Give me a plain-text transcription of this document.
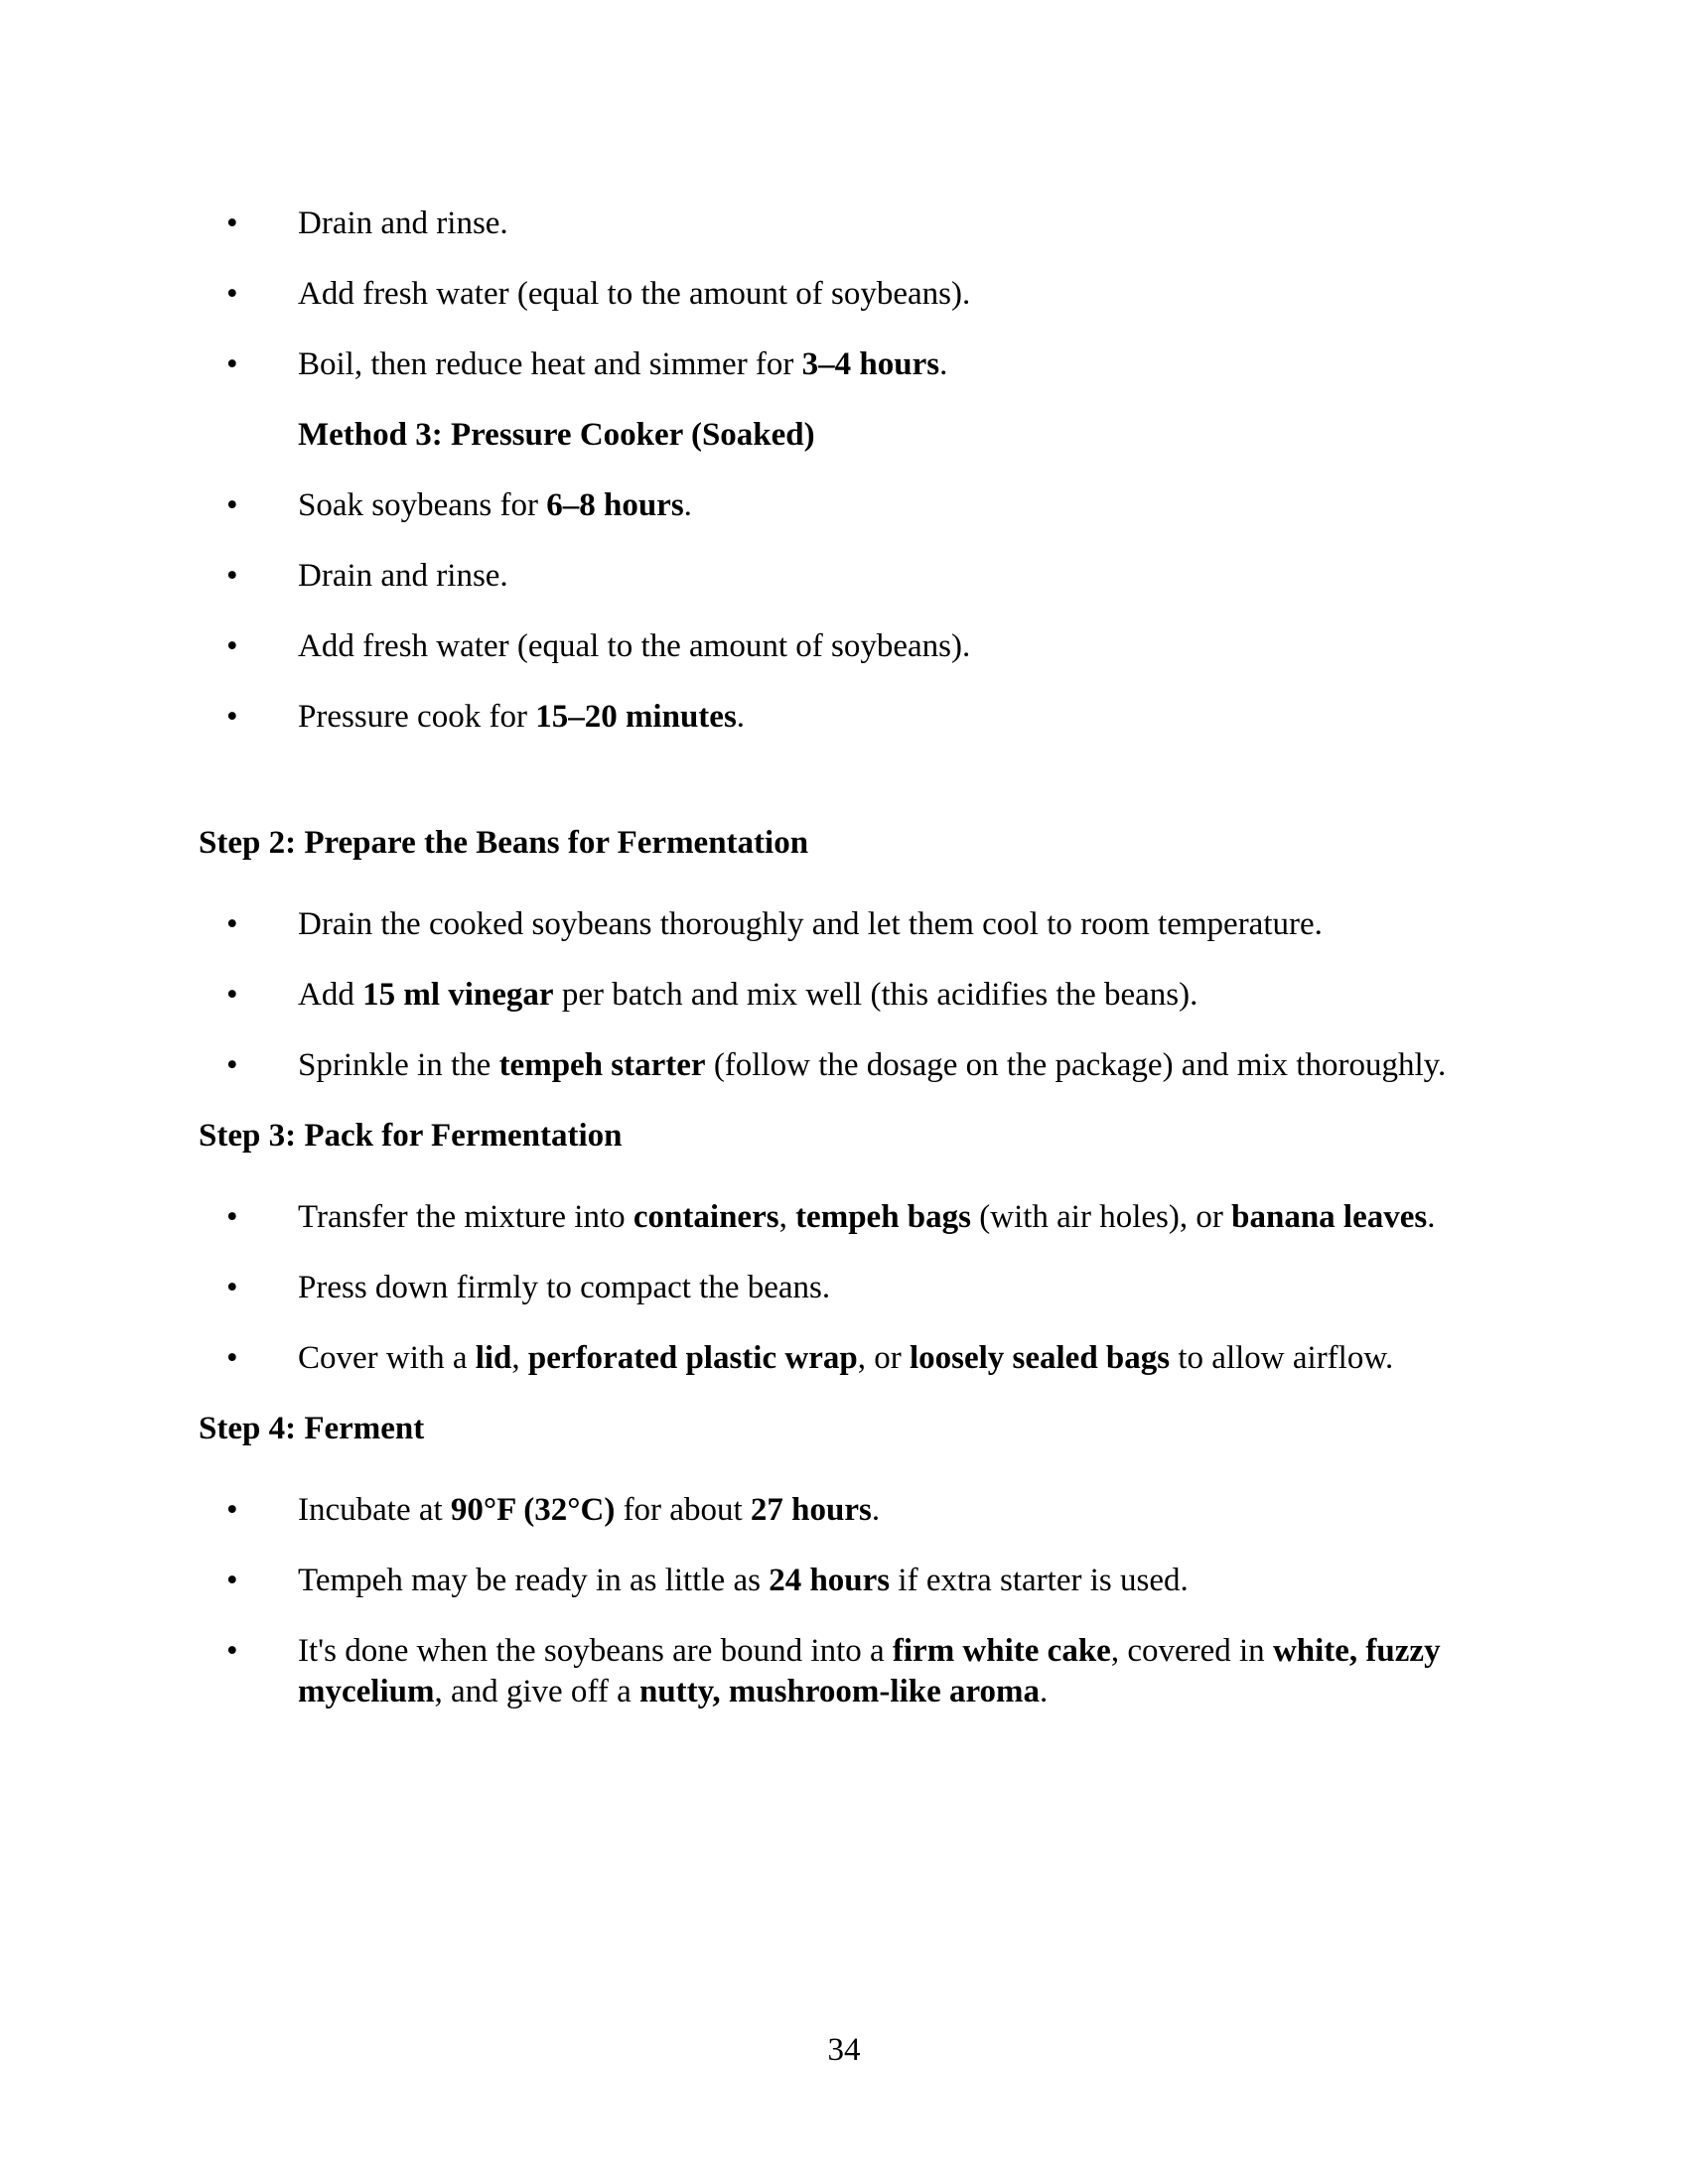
• Drain and rinse.
• Add fresh water (equal to the amount of soybeans).
• Boil, then reduce heat and simmer for 3–4 hours.
Method 3: Pressure Cooker (Soaked)
• Soak soybeans for 6–8 hours.
• Drain and rinse.
• Add fresh water (equal to the amount of soybeans).
• Pressure cook for 15–20 minutes.
Step 2: Prepare the Beans for Fermentation
• Drain the cooked soybeans thoroughly and let them cool to room temperature.
• Add 15 ml vinegar per batch and mix well (this acidifies the beans).
• Sprinkle in the tempeh starter (follow the dosage on the package) and mix thoroughly.
Step 3: Pack for Fermentation
• Transfer the mixture into containers, tempeh bags (with air holes), or banana leaves.
• Press down firmly to compact the beans.
• Cover with a lid, perforated plastic wrap, or loosely sealed bags to allow airflow.
Step 4: Ferment
• Incubate at 90°F (32°C) for about 27 hours.
• Tempeh may be ready in as little as 24 hours if extra starter is used.
• It's done when the soybeans are bound into a firm white cake, covered in white, fuzzy mycelium, and give off a nutty, mushroom-like aroma.
34
